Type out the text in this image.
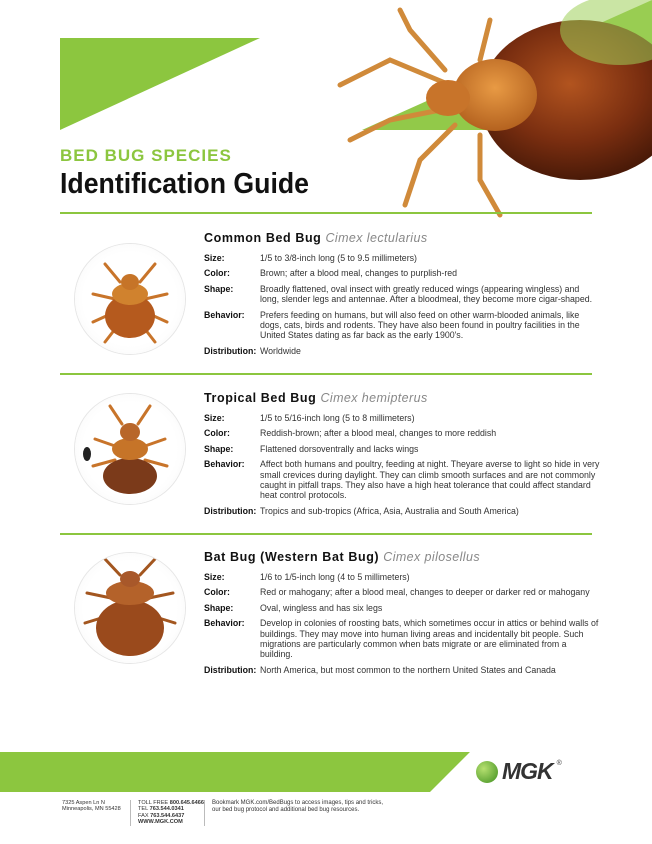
BED BUG SPECIES
Identification Guide
Common Bed Bug Cimex lectularius
Size:	1/5 to 3/8-inch long (5 to 9.5 millimeters)
Color:	Brown; after a blood meal, changes to purplish-red
Shape:	Broadly flattened, oval insect with greatly reduced wings (appearing wingless) and long, slender legs and antennae. After a bloodmeal, they become more cigar-shaped.
Behavior:	Prefers feeding on humans, but will also feed on other warm-blooded animals, like dogs, cats, birds and rodents. They have also been found in poultry facilities in the United States dating as far back as the early 1900's.
Distribution: Worldwide
Tropical Bed Bug Cimex hemipterus
Size:	1/5 to 5/16-inch long (5 to 8 millimeters)
Color:	Reddish-brown; after a blood meal, changes to more reddish
Shape:	Flattened dorsoventrally and lacks wings
Behavior:	Affect both humans and poultry, feeding at night. Theyare averse to light so hide in very small crevices during daylight. They can climb smooth surfaces and are not commonly caught in pitfall traps. They also have a high heat tolerance that could affect standard heat control protocols.
Distribution: Tropics and sub-tropics (Africa, Asia, Australia and South America)
Bat Bug (Western Bat Bug) Cimex pilosellus
Size:	1/6 to 1/5-inch long (4 to 5 millimeters)
Color:	Red or mahogany; after a blood meal, changes to deeper or darker red or mahogany
Shape:	Oval, wingless and has six legs
Behavior:	Develop in colonies of roosting bats, which sometimes occur in attics or behind walls of buildings. They may move into human living areas and incidentally bit people. Such migrations are particularly common when bats migrate or are eliminated from a building.
Distribution: North America, but most common to the northern United States and Canada
MGK ®
7325 Aspen Ln N
Minneapolis, MN 55428
TOLL FREE 800.645.6466
TEL 763.544.0341
FAX 763.544.6437
WWW.MGK.COM
Bookmark MGK.com/BedBugs to access images, tips and tricks,
our bed bug protocol and additional bed bug resources.
